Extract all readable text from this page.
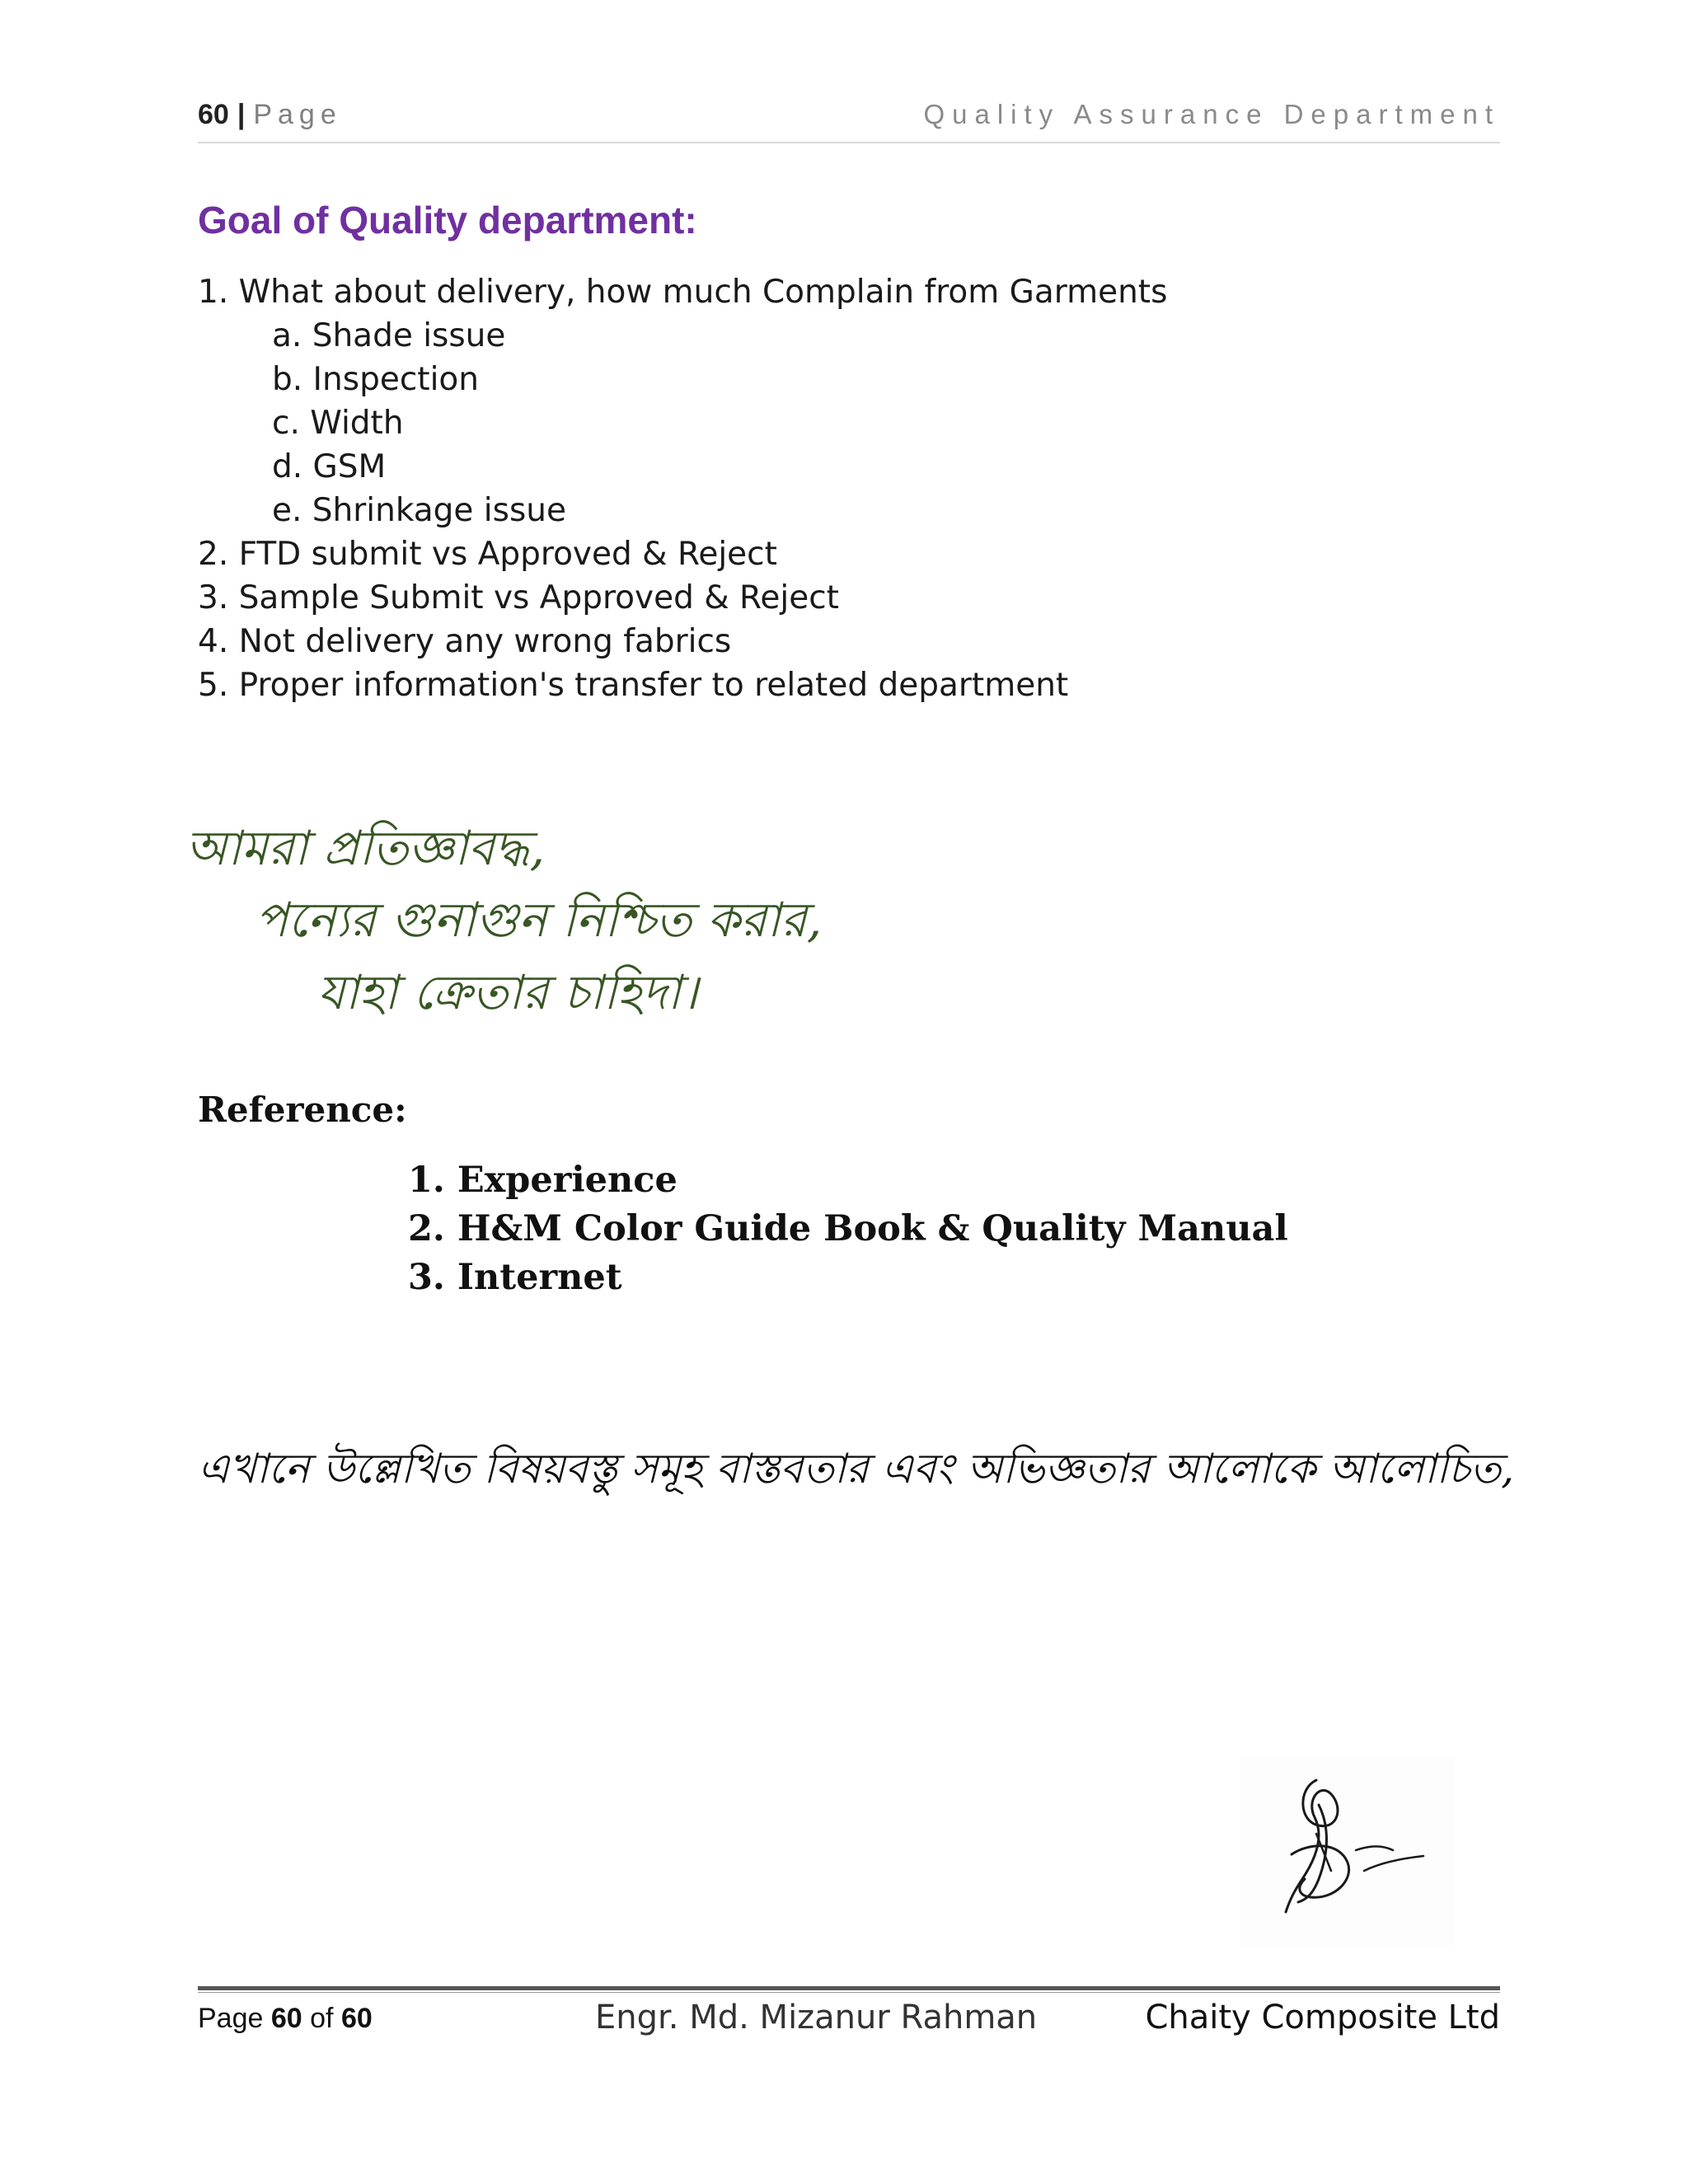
60 | Page	Quality Assurance Department
Goal of Quality department:
1. What about delivery, how much Complain from Garments
a. Shade issue
b. Inspection
c. Width
d. GSM
e. Shrinkage issue
2. FTD submit vs Approved & Reject
3. Sample Submit vs Approved & Reject
4. Not delivery any wrong fabrics
5. Proper information's transfer to related department
আমরা প্রতিজ্ঞাবদ্ধ,
পন্যের গুনাগুন নিশ্চিত করার,
যাহা ক্রেতার চাহিদা।
Reference:
1. Experience
2. H&M Color Guide Book & Quality Manual
3. Internet
এখানে উল্লেখিত বিষয়বস্তু সমূহ বাস্তবতার এবং অভিজ্ঞতার আলোকে আলোচিত,
Page 60 of 60	Engr. Md. Mizanur Rahman	Chaity Composite Ltd
